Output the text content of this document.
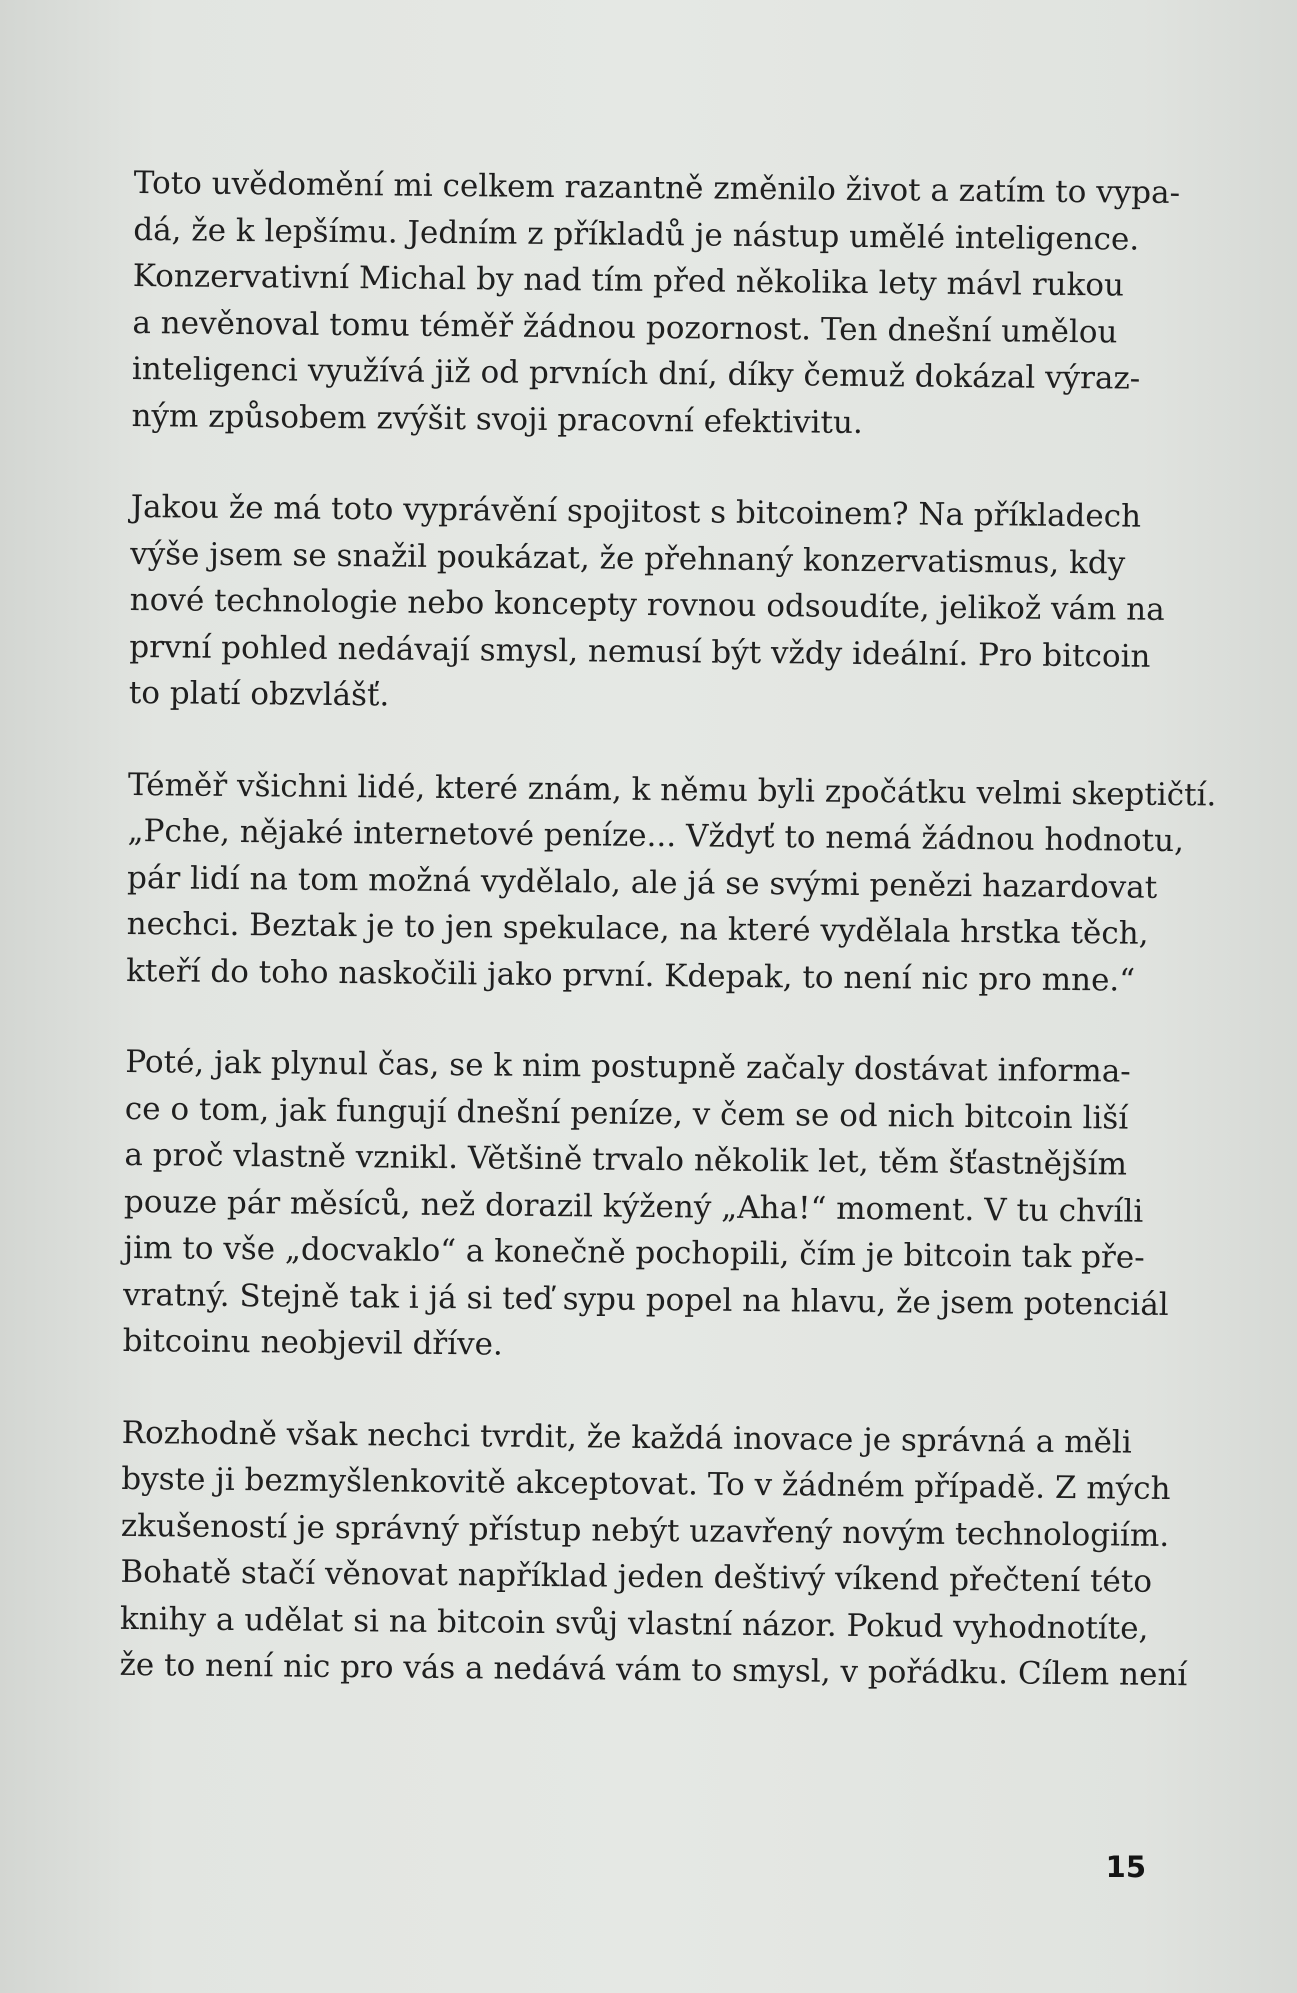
Toto uvědomění mi celkem razantně změnilo život a zatím to vypa-
dá, že k lepšímu. Jedním z příkladů je nástup umělé inteligence.
Konzervativní Michal by nad tím před několika lety mávl rukou
a nevěnoval tomu téměř žádnou pozornost. Ten dnešní umělou
inteligenci využívá již od prvních dní, díky čemuž dokázal výraz-
ným způsobem zvýšit svoji pracovní efektivitu.
Jakou že má toto vyprávění spojitost s bitcoinem? Na příkladech
výše jsem se snažil poukázat, že přehnaný konzervatismus, kdy
nové technologie nebo koncepty rovnou odsoudíte, jelikož vám na
první pohled nedávají smysl, nemusí být vždy ideální. Pro bitcoin
to platí obzvlášť.
Téměř všichni lidé, které znám, k němu byli zpočátku velmi skeptičtí.
„Pche, nějaké internetové peníze... Vždyť to nemá žádnou hodnotu,
pár lidí na tom možná vydělalo, ale já se svými penězi hazardovat
nechci. Beztak je to jen spekulace, na které vydělala hrstka těch,
kteří do toho naskočili jako první. Kdepak, to není nic pro mne.“
Poté, jak plynul čas, se k nim postupně začaly dostávat informa-
ce o tom, jak fungují dnešní peníze, v čem se od nich bitcoin liší
a proč vlastně vznikl. Většině trvalo několik let, těm šťastnějším
pouze pár měsíců, než dorazil kýžený „Aha!“ moment. V tu chvíli
jim to vše „docvaklo“ a konečně pochopili, čím je bitcoin tak pře-
vratný. Stejně tak i já si teď sypu popel na hlavu, že jsem potenciál
bitcoinu neobjevil dříve.
Rozhodně však nechci tvrdit, že každá inovace je správná a měli
byste ji bezmyšlenkovitě akceptovat. To v žádném případě. Z mých
zkušeností je správný přístup nebýt uzavřený novým technologiím.
Bohatě stačí věnovat například jeden deštivý víkend přečtení této
knihy a udělat si na bitcoin svůj vlastní názor. Pokud vyhodnotíte,
že to není nic pro vás a nedává vám to smysl, v pořádku. Cílem není
15
